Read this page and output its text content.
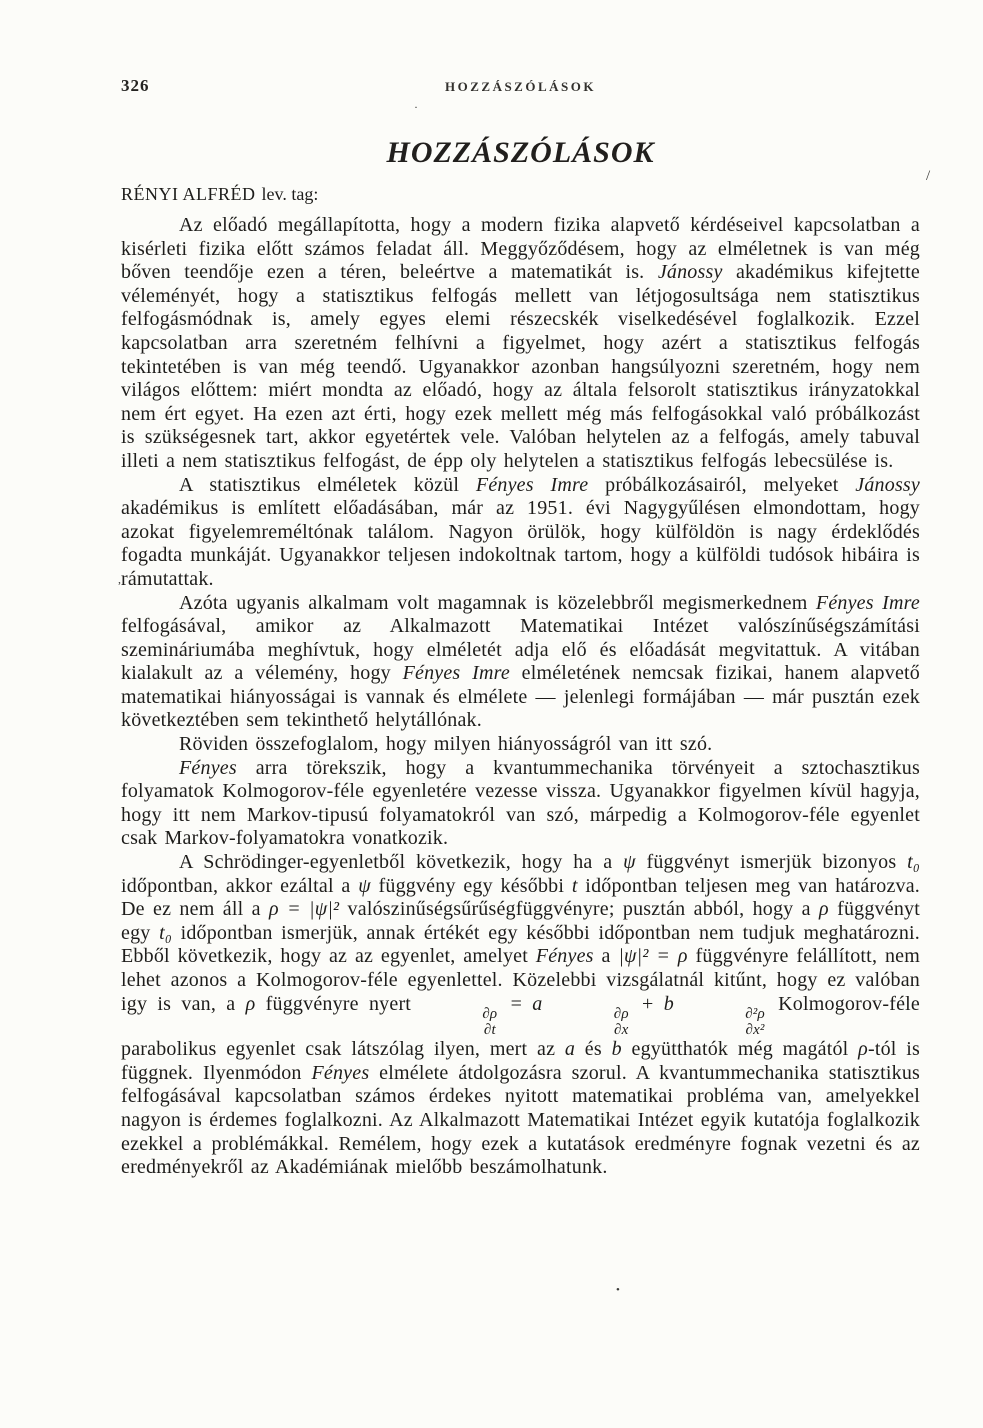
326	HOZZÁSZÓLÁSOK
HOZZÁSZÓLÁSOK
RÉNYI ALFRÉD lev. tag:

Az előadó megállapította, hogy a modern fizika alapvető kérdéseivel kapcsolatban a kisérleti fizika előtt számos feladat áll. Meggyőződésem, hogy az elméletnek is van még bőven teendője ezen a téren, beleértve a matematikát is. Jánossy akadémikus kifejtette véleményét, hogy a statisztikus felfogás mellett van létjogosultsága nem statisztikus felfogásmódnak is, amely egyes elemi részecskék viselkedésével foglalkozik. Ezzel kapcsolatban arra szeretném felhívni a figyelmet, hogy azért a statisztikus felfogás tekintetében is van még teendő. Ugyanakkor azonban hangsúlyozni szeretném, hogy nem világos előttem: miért mondta az előadó, hogy az általa felsorolt statisztikus irányzatokkal nem ért egyet. Ha ezen azt érti, hogy ezek mellett még más felfogásokkal való próbálkozást is szükségesnek tart, akkor egyetértek vele. Valóban helytelen az a felfogás, amely tabuval illeti a nem statisztikus felfogást, de épp oly helytelen a statisztikus felfogás lebecsülése is.

A statisztikus elméletek közül Fényes Imre próbálkozásairól, melyeket Jánossy akadémikus is említett előadásában, már az 1951. évi Nagygyűlésen elmondottam, hogy azokat figyelemreméltónak találom. Nagyon örülök, hogy külföldön is nagy érdeklődés fogadta munkáját. Ugyanakkor teljesen indokoltnak tartom, hogy a külföldi tudósok hibáira is rámutattak.

Azóta ugyanis alkalmam volt magamnak is közelebbről megismerkednem Fényes Imre felfogásával, amikor az Alkalmazott Matematikai Intézet valószínűségszámítási szemináriumába meghívtuk, hogy elméletét adja elő és előadását megvitattuk. A vitában kialakult az a vélemény, hogy Fényes Imre elméletének nemcsak fizikai, hanem alapvető matematikai hiányosságai is vannak és elmélete — jelenlegi formájában — már pusztán ezek következtében sem tekinthető helytállónak.

Röviden összefoglalom, hogy milyen hiányosságról van itt szó.

Fényes arra törekszik, hogy a kvantummechanika törvényeit a sztochasztikus folyamatok Kolmogorov-féle egyenletére vezesse vissza. Ugyanakkor figyelmen kívül hagyja, hogy itt nem Markov-tipusú folyamatokról van szó, márpedig a Kolmogorov-féle egyenlet csak Markov-folyamatokra vonatkozik.

A Schrödinger-egyenletből következik, hogy ha a ψ függvényt ismerjük bizonyos t₀ időpontban, akkor ezáltal a ψ függvény egy későbbi t időpontban teljesen meg van határozva. De ez nem áll a ρ = |ψ|² valószinűségsűrűségfüggvényre; pusztán abból, hogy a ρ függvényt egy t₀ időpontban ismerjük, annak értékét egy későbbi időpontban nem tudjuk meghatározni. Ebből következik, hogy az az egyenlet, amelyet Fényes a |ψ|² = ρ függvényre felállított, nem lehet azonos a Kolmogorov-féle egyenlettel. Közelebbi vizsgálatnál kitűnt, hogy ez valóban igy is van, a ρ függvényre nyert	∂ρ
∂t
= a	∂ρ
∂x
+ b	∂²ρ
∂x²
Kolmogorov-féle parabolikus egyenlet csak látszólag ilyen, mert az a és b együtthatók még magától ρ-tól is függnek. Ilyenmódon Fényes elmélete átdolgozásra szorul. A kvantummechanika statisztikus felfogásával kapcsolatban számos érdekes nyitott matematikai probléma van, amelyekkel nagyon is érdemes foglalkozni. Az Alkalmazott Matematikai Intézet egyik kutatója foglalkozik ezekkel a problémákkal. Remélem, hogy ezek a kutatások eredményre fognak vezetni és az eredményekről az Akadémiának mielőbb beszámolhatunk.

/
•
·
,
